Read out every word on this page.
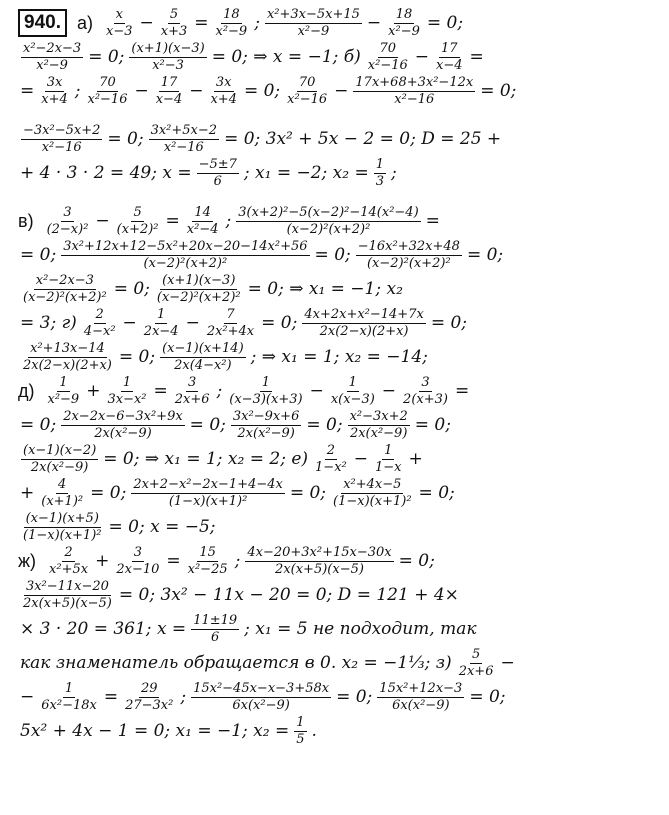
940. $а) \frac{x}{x-3} - \frac{5}{x+3} = \frac{18}{\text{x²−9}}$ ; $\frac{\text{x²+3x−5x+15}}{\text{x²−9}} - \frac{18}{\text{x²−9}} = 0$;
$\frac{\text{x²−2x−3}}{\text{x²−9}} = 0$; $\frac{(x+1)(x-3)}{\text{x²−3}} = 0$; ⇒ x = −1; $б) \frac{70}{\text{x²−16}} - \frac{17}{x-4}$ =
= $\frac{3x}{x+4}$ ; $\frac{70}{\text{x²−16}} - \frac{17}{x-4} - \frac{3x}{x+4} = 0$; $\frac{70}{\text{x²−16}} - \frac{\text{17x+68+3x²−12x}}{\text{x²−16}} = 0$;
$\frac{\text{−3x²−5x+2}}{\text{x²−16}} = 0$; $\frac{\text{3x²+5x−2}}{\text{x²−16}} = 0$; 3x² + 5x − 2 = 0; D = 25 +
+ 4 · 3 · 2 = 49; $x = \frac{-5\pm 7}{6}$ ; x₁ = −2; $x_2 = \frac{1}{3}$ ;
$в) \frac{3}{\text{(2−x)²}} - \frac{5}{\text{(x+2)²}} = \frac{14}{\text{x²−4}}$ ; $\frac{\text{3(x+2)²−5(x−2)²−14(x²−4)}}{\text{(x−2)²(x+2)²}}$ =
= 0; $\frac{\text{3x²+12x+12−5x²+20x−20−14x²+56}}{\text{(x−2)²(x+2)²}} = 0$; $\frac{\text{−16x²+32x+48}}{\text{(x−2)²(x+2)²}} = 0$;
$\frac{\text{x²−2x−3}}{\text{(x−2)²(x+2)²}} = 0$; $\frac{(x+1)(x-3)}{\text{(x−2)²(x+2)²}} = 0$; ⇒ x₁ = −1; x₂
= 3; $г) \frac{2}{\text{4−x²}} - \frac{1}{2x-4} - \frac{7}{\text{2x²+4x}} = 0$; $\frac{\text{4x+2x+x²−14+7x}}{2x(2-x)(2+x)} = 0$;
$\frac{\text{x²+13x−14}}{2x(2-x)(2+x)} = 0$; $\frac{(x-1)(x+14)}{\text{2x(4−x²)}}$ ; ⇒ x₁ = 1; x₂ = −14;
$д) \frac{1}{\text{x²−9}} + \frac{1}{\text{3x−x²}} = \frac{3}{2x+6}$ ; $\frac{1}{(x-3)(x+3)} - \frac{1}{x(x-3)} - \frac{3}{2(x+3)}$ =
= 0; $\frac{\text{2x−2x−6−3x²+9x}}{\text{2x(x²−9)}} = 0$; $\frac{\text{3x²−9x+6}}{\text{2x(x²−9)}} = 0$; $\frac{\text{x²−3x+2}}{\text{2x(x²−9)}} = 0$;
$\frac{(x-1)(x-2)}{\text{2x(x²−9)}} = 0$; ⇒ x₁ = 1; x₂ = 2; $е) \frac{2}{\text{1−x²}} - \frac{1}{1-x}$ +
+ $\frac{4}{\text{(x+1)²}} = 0$; $\frac{\text{2x+2−x²−2x−1+4−4x}}{\text{(1−x)(x+1)²}} = 0$; $\frac{\text{x²+4x−5}}{\text{(1−x)(x+1)²}} = 0$;
$\frac{(x-1)(x+5)}{\text{(1−x)(x+1)²}} = 0$; x = −5;
$ж) \frac{2}{\text{x²+5x}} + \frac{3}{2x-10} = \frac{15}{\text{x²−25}}$ ; $\frac{\text{4x−20+3x²+15x−30x}}{2x(x+5)(x-5)} = 0$;
$\frac{\text{3x²−11x−20}}{2x(x+5)(x-5)} = 0$; 3x² − 11x − 20 = 0; D = 121 + 4×
× 3 · 20 = 361; $x = \frac{11\pm 19}{6}$ ; x₁ = 5 не подходит, так
как знаменатель обращается в 0. x₂ = −1⅓; $з) \frac{5}{2x+6}$ −
− $\frac{1}{\text{6x²−18x}} = \frac{29}{\text{27−3x²}}$ ; $\frac{\text{15x²−45x−x−3+58x}}{\text{6x(x²−9)}} = 0$; $\frac{\text{15x²+12x−3}}{\text{6x(x²−9)}} = 0$;
5x² + 4x − 1 = 0; x₁ = −1; $x_2 = \frac{1}{5}$ .
